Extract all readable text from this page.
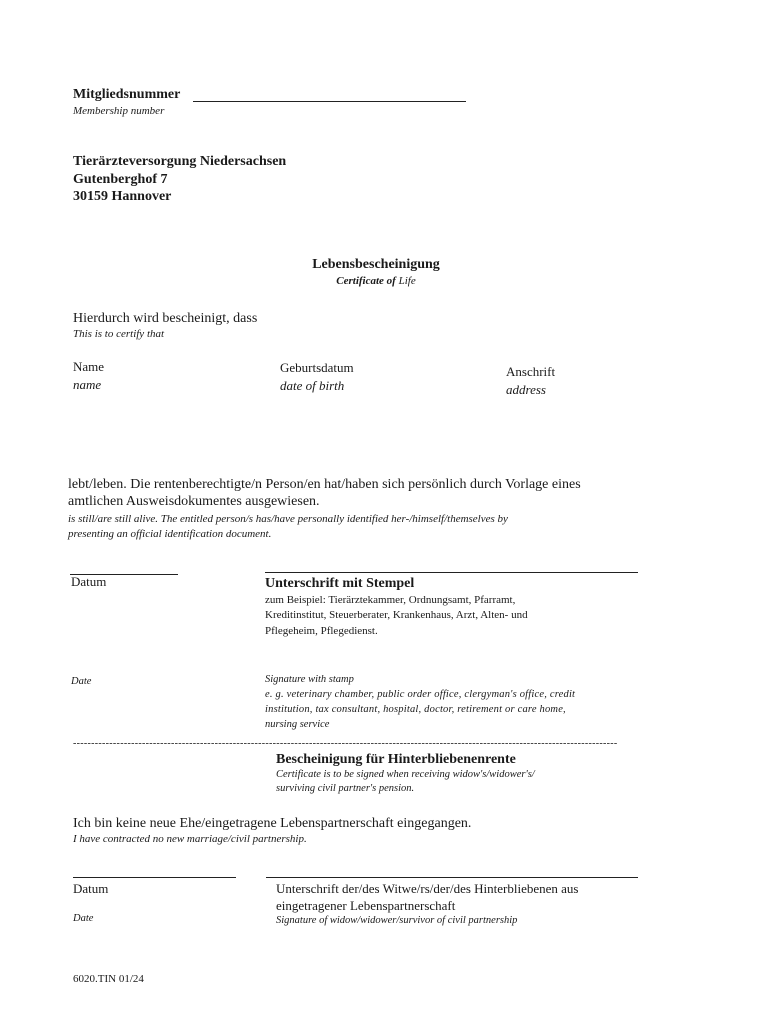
Mitgliedsnummer
Membership number
Tierärzteversorgung Niedersachsen
Gutenberghof 7
30159 Hannover
Lebensbescheinigung
Certificate of Life
Hierdurch wird bescheinigt, dass
This is to certify that
Name
name
Geburtsdatum
date of birth
Anschrift
address
lebt/leben. Die rentenberechtigte/n Person/en hat/haben sich persönlich durch Vorlage eines
amtlichen Ausweisdokumentes ausgewiesen.
is still/are still alive. The entitled person/s has/have personally identified her-/himself/themselves by
presenting an official identification document.
Datum	Unterschrift mit Stempel
zum Beispiel: Tierärztekammer, Ordnungsamt, Pfarramt,
Kreditinstitut, Steuerberater, Krankenhaus, Arzt, Alten- und
Pflegeheim, Pflegedienst.
Date	Signature with stamp
e. g. veterinary chamber, public order office, clergyman's office, credit
institution, tax consultant, hospital, doctor, retirement or care home,
nursing service
------------------------------------------------------------------------------------------------------------------------------------------------------
Bescheinigung für Hinterbliebenenrente
Certificate is to be signed when receiving widow's/widower's/
surviving civil partner's pension.
Ich bin keine neue Ehe/eingetragene Lebenspartnerschaft eingegangen.
I have contracted no new marriage/civil partnership.
Datum
Date
Unterschrift der/des Witwe/rs/der/des Hinterbliebenen aus
eingetragener Lebenspartnerschaft
Signature of widow/widower/survivor of civil partnership
6020.TIN 01/24
